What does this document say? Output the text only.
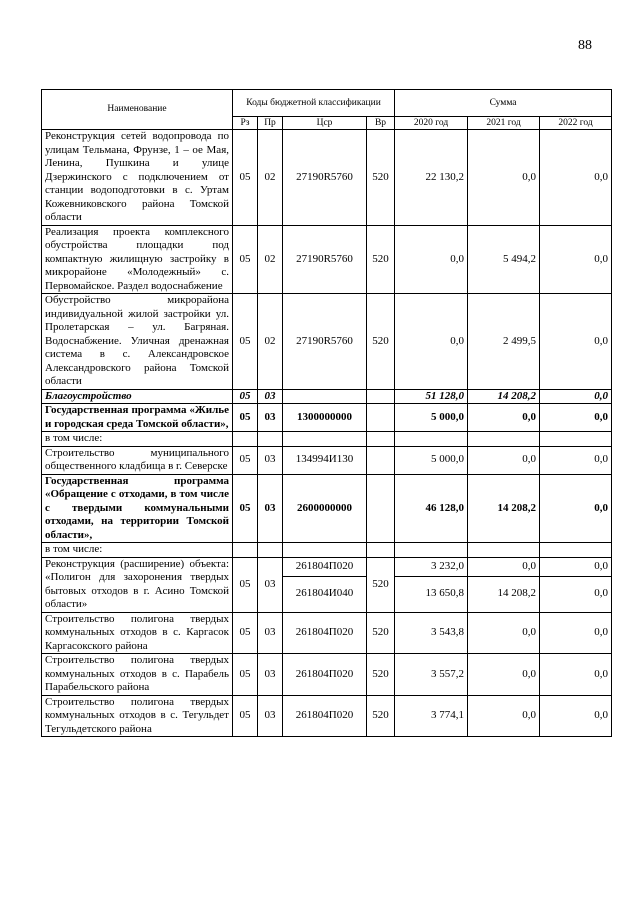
88
Наименование	Коды бюджетной классификации				Сумма		
	Рз	Пр	Цср	Вр	2020 год	2021 год	2022 год
Реконструкция сетей водопровода по улицам Тельмана, Фрунзе, 1 – ое Мая, Ленина, Пушкина и улице Дзержинского с подключением от станции водоподготовки в с. Уртам Кожевниковского района Томской области	05	02	27190R5760	520	22 130,2	0,0	0,0
Реализация проекта комплексного обустройства площадки под компактную жилищную застройку в микрорайоне «Молодежный» с. Первомайское. Раздел водоснабжение	05	02	27190R5760	520	0,0	5 494,2	0,0
Обустройство микрорайона индивидуальной жилой застройки ул. Пролетарская – ул. Багряная. Водоснабжение. Уличная дренажная система в с. Александровское Александровского района Томской области	05	02	27190R5760	520	0,0	2 499,5	0,0
Благоустройство	05	03			51 128,0	14 208,2	0,0
Государственная программа «Жилье и городская среда Томской области»,	05	03	1300000000		5 000,0	0,0	0,0
в том числе:							
Строительство муниципального общественного кладбища в г. Северске	05	03	134994И130		5 000,0	0,0	0,0
Государственная программа «Обращение с отходами, в том числе с твердыми коммунальными отходами, на территории Томской области»,	05	03	2600000000		46 128,0	14 208,2	0,0
в том числе:							
Реконструкция (расширение) объекта: «Полигон для захоронения твердых бытовых отходов в г. Асино Томской области»	05	03	261804П020	520	3 232,0	0,0	0,0
			261804И040		13 650,8	14 208,2	0,0
Строительство полигона твердых коммунальных отходов в с. Каргасок Каргасокского района	05	03	261804П020	520	3 543,8	0,0	0,0
Строительство полигона твердых коммунальных отходов в с. Парабель Парабельского района	05	03	261804П020	520	3 557,2	0,0	0,0
Строительство полигона твердых коммунальных отходов в с. Тегульдет Тегульдетского района	05	03	261804П020	520	3 774,1	0,0	0,0
